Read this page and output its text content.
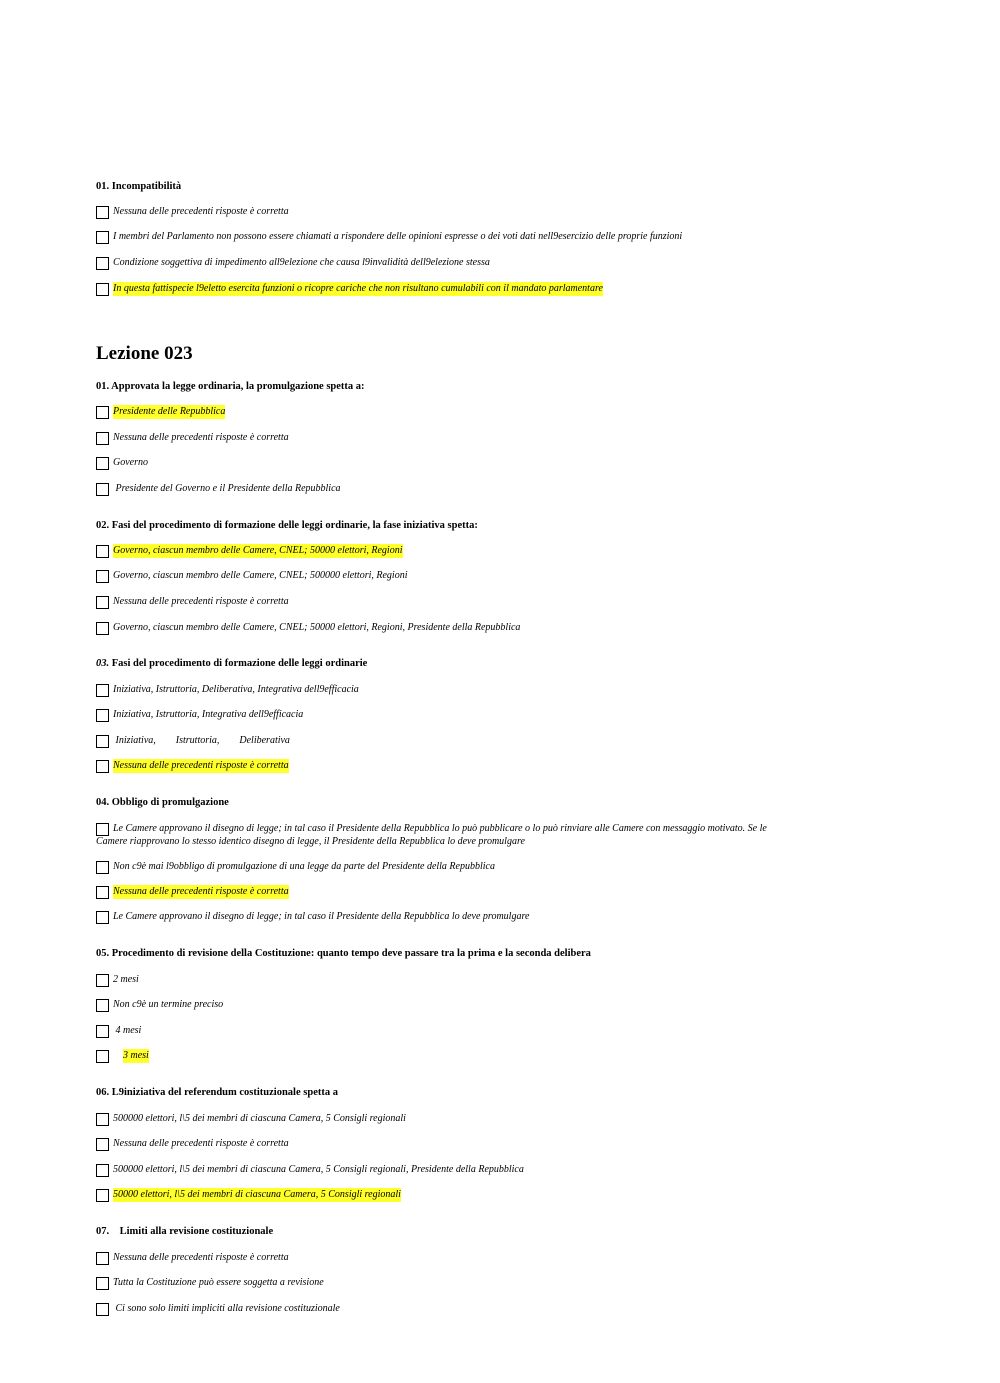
01. Incompatibilità
Nessuna delle precedenti risposte è corretta
I membri del Parlamento non possono essere chiamati a rispondere delle opinioni espresse o dei voti dati nell9esercizio delle proprie funzioni
Condizione soggettiva di impedimento all9elezione che causa l9invalidità dell9elezione stessa
In questa fattispecie l9eletto esercita funzioni o ricopre cariche che non risultano cumulabili con il mandato parlamentare
Lezione 023
01. Approvata la legge ordinaria, la promulgazione spetta a:
Presidente delle Repubblica
Nessuna delle precedenti risposte è corretta
Governo
Presidente del Governo e il Presidente della Repubblica
02. Fasi del procedimento di formazione delle leggi ordinarie, la fase iniziativa spetta:
Governo, ciascun membro delle Camere, CNEL; 50000 elettori, Regioni
Governo, ciascun membro delle Camere, CNEL; 500000 elettori, Regioni
Nessuna delle precedenti risposte è corretta
Governo, ciascun membro delle Camere, CNEL; 50000 elettori, Regioni, Presidente della Repubblica
03. Fasi del procedimento di formazione delle leggi ordinarie
Iniziativa, Istruttoria, Deliberativa, Integrativa dell9efficacia
Iniziativa, Istruttoria, Integrativa dell9efficacia
Iniziativa,        Istruttoria,        Deliberativa
Nessuna delle precedenti risposte è corretta
04. Obbligo di promulgazione
Le Camere approvano il disegno di legge; in tal caso il Presidente della Repubblica lo può pubblicare o lo può rinviare alle Camere con messaggio motivato. Se le
Camere riapprovano lo stesso identico disegno di legge, il Presidente della Repubblica lo deve promulgare
Non c9è mai l9obbligo di promulgazione di una legge da parte del Presidente della Repubblica
Nessuna delle precedenti risposte è corretta
Le Camere approvano il disegno di legge; in tal caso il Presidente della Repubblica lo deve promulgare
05. Procedimento di revisione della Costituzione: quanto tempo deve passare tra la prima e la seconda delibera
2 mesi
Non c9è un termine preciso
4 mesi
3 mesi
06. L9iniziativa del referendum costituzionale spetta a
500000 elettori, l\5 dei membri di ciascuna Camera, 5 Consigli regionali
Nessuna delle precedenti risposte è corretta
500000 elettori, l\5 dei membri di ciascuna Camera, 5 Consigli regionali, Presidente della Repubblica
50000 elettori, l\5 dei membri di ciascuna Camera, 5 Consigli regionali
07.    Limiti alla revisione costituzionale
Nessuna delle precedenti risposte è corretta
Tutta la Costituzione può essere soggetta a revisione
Ci sono solo limiti impliciti alla revisione costituzionale
